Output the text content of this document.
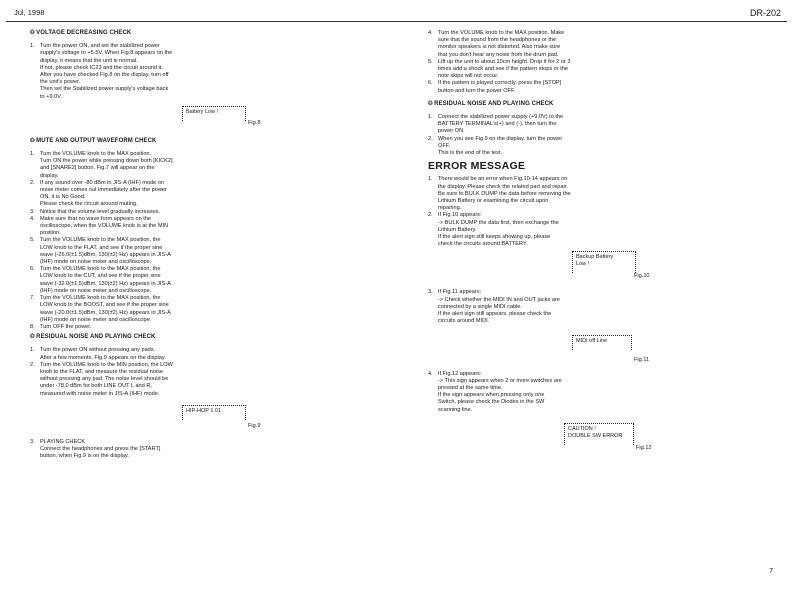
Jul, 1998	DR-202
❂VOLTAGE DECREASING CHECK
1. Turn the power ON, and set the stabilized power
supply's voltage to +5.5V. When Fig.8 appears on the
display, it means that the unit is normal.
If not, please check IC23 and the circuit around it.
After you have checked Fig.8 on the display, turn off
the unit's power.
Then set the Stabilized power supply's voltage back
to +9.0V.
Battery Low !
Fig.8
❂MUTE AND OUTPUT WAVEFORM CHECK
1. Turn the VOLUME knob to the MAX position.
Turn ON the power while pressing down both [KICK2]
and [SNARE2] button. Fig.7 will appear on the
display.
2. If any sound over -80 dBm in JIS-A (IHF) mode on
noise meter comes out immediately after the power
ON, it is No Good.
Please check the circuit around muting.
3. Notice that the volume level gradually increases.
4. Make sure that no wave form appears on the
oscilloscope, when the VOLUME knob is at the MIN
position.
5. Turn the VOLUME knob to the MAX position, the
LOW knob to the FLAT, and see if the proper sine
wave (-26.0(±1.5)dBm, 130(±2) Hz) appears in JIS-A
(IHF) mode on noise meter and oscilloscope.
6. Turn the VOLUME knob to the MAX position, the
LOW knob to the CUT, and see if the proper sine
wave (-32.0(±1.5)dBm, 130(±2) Hz) appears in JIS-A
(IHF) mode on noise meter and oscilloscope.
7. Turn the VOLUME knob to the MAX position, the
LOW knob to the BOOST, and see if the proper sine
wave (-20.0(±1.5)dBm, 130(±2) Hz) appears in JIS-A
(IHF) mode on noise meter and oscilloscope.
8. Turn OFF the power.
❂RESIDUAL NOISE AND PLAYING CHECK
1. Turn the power ON without pressing any pads.
After a few moments, Fig.9 appears on the display.
2. Turn the VOLUME knob to the MIN position, the LOW
knob to the FLAT, and measure the residual noise
without pressing any pad. The noise level should be
under -78.0 dBm for both LINE OUT L and R,
measured with noise meter in JIS-A (IHF) mode.
HIP-HOP 1 01
Fig.9
3. PLAYING CHECK
Connect the headphones and press the [START]
button, when Fig.9 is on the display.
4. Turn the VOLUME knob to the MAX position. Make
sure that the sound from the headphones or the
monitor speakers is not distorted. Also make sure
that you don't hear any noise from the drum pad.
5. Lift up the unit to about 10cm height. Drop it for 2 or 3
times add a shock and see if the pattern stops or the
note skips will not occur.
6. If the pattern is played correctly, press the [STOP]
button and turn the power OFF.
❂RESIDUAL NOISE AND PLAYING CHECK
1. Connect the stabilized power supply (+9.0V) to the
BATTERY TERMINAL's(+) and (-), then turn the
power ON.
2. When you see Fig.9 on the display, turn the power
OFF.
This is the end of the test.
ERROR MESSAGE
1. There would be an error when Fig.10-14 appears on
the display. Please check the related part and repair.
Be sure to BULK DUMP the data before removing the
Lithium Battery or examining the circuit upon
repairing.
2. If Fig.10 appears:
-> BULK DUMP the data first, then exchange the
Lithium Battery.
If the alert sign still keeps showing up, please
check the circuits around BATTERY.
Backup Battery
Low !
Fig.10
3. If Fig.11 appears:
-> Check whether the MIDI IN and OUT jacks are
connected by a single MIDI cable.
If the alert sign still appears, please check the
circuits around MIDI.
MIDI off Line
Fig.11
4. If Fig.12 appears:
-> This sign appears when 2 or more switches are
pressed at the same time.
If the sign appears when pressing only one
Switch, please check the Diodes in the SW
scanning line.
CAUTION !
DOUBLE SW ERROR
Fig.12
7
